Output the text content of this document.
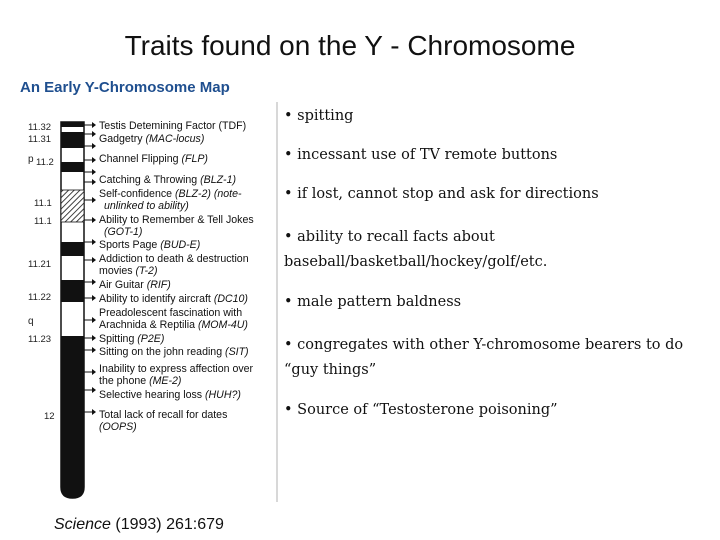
Traits found on the Y - Chromosome
An Early Y-Chromosome Map
11.32
11.31
11.2
11.1
11.1
11.21
11.22
11.23
12
p
q
Testis Detemining Factor (TDF)
Gadgetry (MAC-locus)
Channel Flipping (FLP)
Catching & Throwing (BLZ-1)
Self-confidence (BLZ-2) (note-
unlinked to ability)
Ability to Remember & Tell Jokes
(GOT-1)
Sports Page (BUD-E)
Addiction to death & destruction
movies (T-2)
Air Guitar (RIF)
Ability to identify aircraft (DC10)
Preadolescent fascination with
Arachnida & Reptilia (MOM-4U)
Spitting (P2E)
Sitting on the john reading (SIT)
Inability to express affection over
the phone (ME-2)
Selective hearing loss (HUH?)
Total lack of recall for dates
(OOPS)
Science (1993) 261:679
• spitting
• incessant use of TV remote buttons
• if lost, cannot stop and ask for directions
• ability to recall facts about baseball/basketball/hockey/golf/etc.
• male pattern baldness
• congregates with other Y-chromosome bearers to do “guy things”
• Source of “Testosterone poisoning”
